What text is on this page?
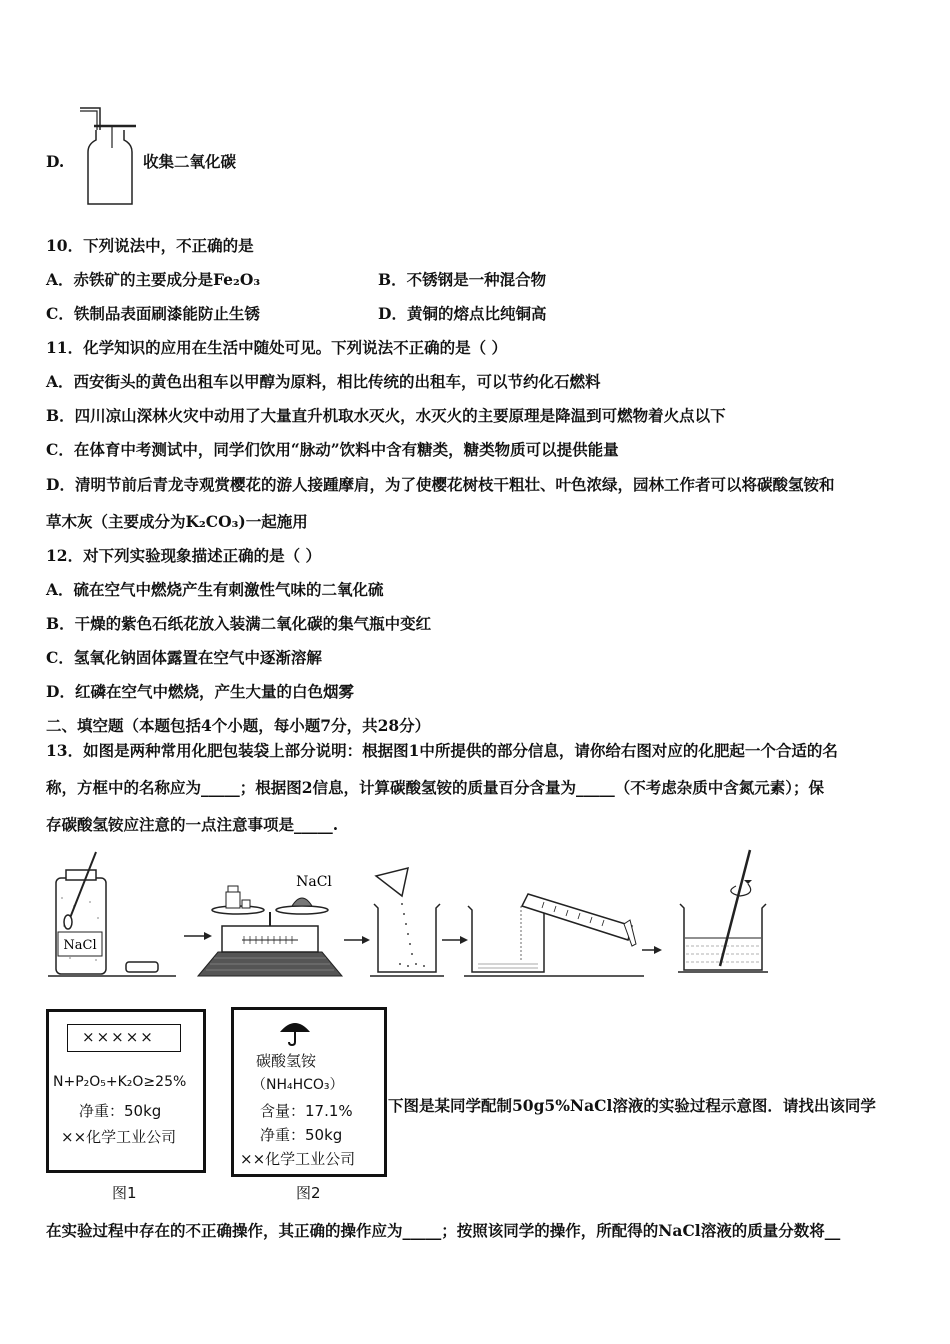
D.	收集二氧化碳
10．下列说法中，不正确的是
A．赤铁矿的主要成分是Fe₂O₃	B．不锈钢是一种混合物
C．铁制品表面刷漆能防止生锈	D．黄铜的熔点比纯铜高
11．化学知识的应用在生活中随处可见。下列说法不正确的是（ ）
A．西安街头的黄色出租车以甲醇为原料，相比传统的出租车，可以节约化石燃料
B．四川凉山深林火灾中动用了大量直升机取水灭火，水灭火的主要原理是降温到可燃物着火点以下
C．在体育中考测试中，同学们饮用“脉动”饮料中含有糖类，糖类物质可以提供能量
D．清明节前后青龙寺观赏樱花的游人接踵摩肩，为了使樱花树枝干粗壮、叶色浓绿，园林工作者可以将碳酸氢铵和
草木灰（主要成分为K₂CO₃)一起施用
12．对下列实验现象描述正确的是（ ）
A．硫在空气中燃烧产生有刺激性气味的二氧化硫
B．干燥的紫色石纸花放入装满二氧化碳的集气瓶中变红
C．氢氧化钠固体露置在空气中逐渐溶解
D．红磷在空气中燃烧，产生大量的白色烟雾
二、填空题（本题包括4个小题，每小题7分，共28分）
13．如图是两种常用化肥包装袋上部分说明：根据图1中所提供的部分信息，请你给右图对应的化肥起一个合适的名
称，方框中的名称应为_____；根据图2信息，计算碳酸氢铵的质量百分含量为_____（不考虑杂质中含氮元素）；保
存碳酸氢铵应注意的一点注意事项是_____.
NaCl
NaCl
×××××
N+P₂O₅+K₂O≥25%
净重：50kg
××化学工业公司
图1
碳酸氢铵
（NH₄HCO₃）
含量：17.1%
净重：50kg
××化学工业公司
图2
下图是某同学配制50g5%NaCl溶液的实验过程示意图．请找出该同学
在实验过程中存在的不正确操作，其正确的操作应为_____；按照该同学的操作，所配得的NaCl溶液的质量分数将__
